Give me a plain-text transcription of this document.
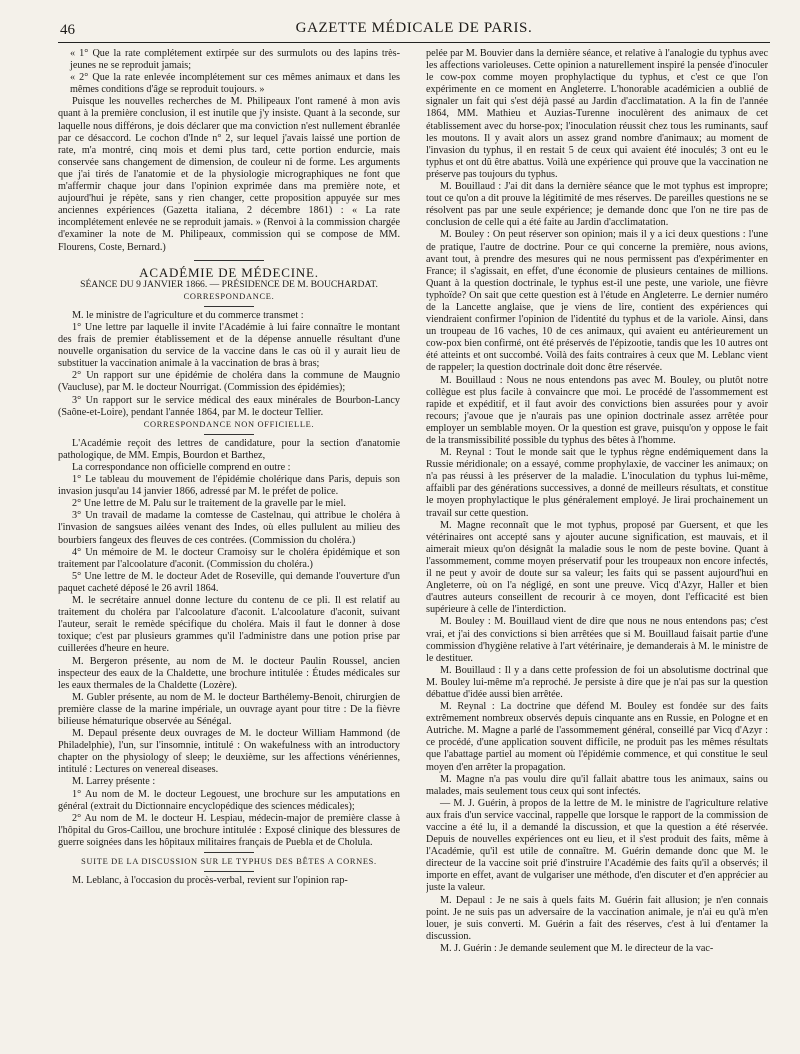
46	GAZETTE MÉDICALE DE PARIS.

« 1° Que la rate complétement extirpée sur des surmulots ou des lapins très-jeunes ne se reproduit jamais;

« 2° Que la rate enlevée incomplétement sur ces mêmes animaux et dans les mêmes conditions d'âge se reproduit toujours. »

Puisque les nouvelles recherches de M. Philipeaux l'ont ramené à mon avis quant à la première conclusion, il est inutile que j'y insiste. Quant à la seconde, sur laquelle nous différons, je dois déclarer que ma conviction n'est nullement ébranlée par ce désaccord. Le cochon d'Inde n° 2, sur lequel j'avais laissé une portion de rate, m'a montré, cinq mois et demi plus tard, cette portion endurcie, mais conservée sans changement de dimension, de couleur ni de forme. Les arguments que j'ai tirés de l'anatomie et de la physiologie micrographiques ne font que m'affermir chaque jour dans l'opinion exprimée dans ma première note, et aujourd'hui je répète, sans y rien changer, cette proposition appuyée sur mes anciennes expériences (Gazetta italiana, 2 décembre 1861) : « La rate incomplétement enlevée ne se reproduit jamais. » (Renvoi à la commission chargée d'examiner la note de M. Philipeaux, commission qui se compose de MM. Flourens, Coste, Bernard.)

ACADÉMIE DE MÉDECINE.

SÉANCE DU 9 JANVIER 1866. — PRÉSIDENCE DE M. BOUCHARDAT.

CORRESPONDANCE.

M. le ministre de l'agriculture et du commerce transmet :

1° Une lettre par laquelle il invite l'Académie à lui faire connaître le montant des frais de premier établissement et de la dépense annuelle résultant d'une nouvelle organisation du service de la vaccine dans le cas où il y aurait lieu de substituer la vaccination animale à la vaccination de bras à bras;

2° Un rapport sur une épidémie de choléra dans la commune de Maugnio (Vaucluse), par M. le docteur Nourrigat. (Commission des épidémies);

3° Un rapport sur le service médical des eaux minérales de Bourbon-Lancy (Saône-et-Loire), pendant l'année 1864, par M. le docteur Tellier.

CORRESPONDANCE NON OFFICIELLE.

L'Académie reçoit des lettres de candidature, pour la section d'anatomie pathologique, de MM. Empis, Bourdon et Barthez,

La correspondance non officielle comprend en outre :

1° Le tableau du mouvement de l'épidémie cholérique dans Paris, depuis son invasion jusqu'au 14 janvier 1866, adressé par M. le préfet de police.

2° Une lettre de M. Palu sur le traitement de la gravelle par le miel.

3° Un travail de madame la comtesse de Castelnau, qui attribue le choléra à l'invasion de sangsues ailées venant des Indes, où elles pullulent au milieu des bourbiers fangeux des fleuves de ces contrées. (Commission du choléra.)

4° Un mémoire de M. le docteur Cramoisy sur le choléra épidémique et son traitement par l'alcoolature d'aconit. (Commission du choléra.)

5° Une lettre de M. le docteur Adet de Roseville, qui demande l'ouverture d'un paquet cacheté déposé le 26 avril 1864.

M. le secrétaire annuel donne lecture du contenu de ce pli. Il est relatif au traitement du choléra par l'alcoolature d'aconit. L'alcoolature d'aconit, suivant l'auteur, serait le remède spécifique du choléra. Mais il faut le donner à dose toxique; c'est par plusieurs grammes qu'il l'administre dans une potion prise par cuillerées d'heure en heure.

M. Bergeron présente, au nom de M. le docteur Paulin Roussel, ancien inspecteur des eaux de la Chaldette, une brochure intitulée : Études médicales sur les eaux thermales de la Chaldette (Lozère).

M. Gubler présente, au nom de M. le docteur Barthélemy-Benoit, chirurgien de première classe de la marine impériale, un ouvrage ayant pour titre : De la fièvre bilieuse hématurique observée au Sénégal.

M. Depaul présente deux ouvrages de M. le docteur William Hammond (de Philadelphie), l'un, sur l'insomnie, intitulé : On wakefulness with an introductory chapter on the physiology of sleep; le deuxième, sur les affections vénériennes, intitulé : Lectures on venereal diseases.

M. Larrey présente :

1° Au nom de M. le docteur Legouest, une brochure sur les amputations en général (extrait du Dictionnaire encyclopédique des sciences médicales);

2° Au nom de M. le docteur H. Lespiau, médecin-major de première classe à l'hôpital du Gros-Caillou, une brochure intitulée : Exposé clinique des blessures de guerre soignées dans les hôpitaux militaires français de Puebla et de Cholula.

SUITE DE LA DISCUSSION SUR LE TYPHUS DES BÊTES A CORNES.

M. Leblanc, à l'occasion du procès-verbal, revient sur l'opinion rap-

pelée par M. Bouvier dans la dernière séance, et relative à l'analogie du typhus avec les affections varioleuses. Cette opinion a naturellement inspiré la pensée d'inoculer le cow-pox comme moyen prophylactique du typhus, et c'est ce que l'on expérimente en ce moment en Angleterre. L'honorable académicien a oublié de signaler un fait qui s'est déjà passé au Jardin d'acclimatation. A la fin de l'année 1864, MM. Mathieu et Auzias-Turenne inoculèrent des animaux de cet établissement avec du horse-pox; l'inoculation réussit chez tous les ruminants, sauf les moutons. Il y avait alors un assez grand nombre d'animaux; au moment de l'invasion du typhus, il en restait 5 de ceux qui avaient été inoculés; 3 ont eu le typhus et ont dû être abattus. Voilà une expérience qui prouve que la vaccination ne préserve pas toujours du typhus.

M. Bouillaud : J'ai dit dans la dernière séance que le mot typhus est impropre; tout ce qu'on a dit prouve la légitimité de mes réserves. De pareilles questions ne se résolvent pas par une seule expérience; je demande donc que l'on ne tire pas de conclusion de celle qui a été faite au Jardin d'acclimatation.

M. Bouley : On peut réserver son opinion; mais il y a ici deux questions : l'une de pratique, l'autre de doctrine. Pour ce qui concerne la première, nous avions, avant tout, à prendre des mesures qui ne nous permissent pas d'expérimenter en France; il s'agissait, en effet, d'une économie de plusieurs centaines de millions. Quant à la question doctrinale, le typhus est-il une peste, une variole, une fièvre typhoïde? On sait que cette question est à l'étude en Angleterre. Le dernier numéro de la Lancette anglaise, que je viens de lire, contient des expériences qui viendraient confirmer l'opinion de l'identité du typhus et de la variole. Ainsi, dans un troupeau de 16 vaches, 10 de ces animaux, qui avaient eu antérieurement un cow-pox bien confirmé, ont été préservés de l'épizootie, tandis que les 10 autres ont été atteints et ont succombé. Voilà des faits contraires à ceux que M. Leblanc vient de rappeler; la question doctrinale doit donc être réservée.

M. Bouillaud : Nous ne nous entendons pas avec M. Bouley, ou plutôt notre collègue est plus facile à convaincre que moi. Le procédé de l'assommement est rapide et expéditif, et il faut avoir des convictions bien assurées pour y avoir recours; j'avoue que je n'aurais pas une opinion doctrinale assez arrêtée pour employer un semblable moyen. Or la question est grave, puisqu'on y oppose le fait de la transmissibilité possible du typhus des bêtes à l'homme.

M. Reynal : Tout le monde sait que le typhus règne endémiquement dans la Russie méridionale; on a essayé, comme prophylaxie, de vacciner les animaux; on n'a pas réussi à les préserver de la maladie. L'inoculation du typhus lui-même, affaibli par des générations successives, a donné de meilleurs résultats, et constitue le moyen prophylactique le plus généralement employé. Je lirai prochainement un travail sur cette question.

M. Magne reconnaît que le mot typhus, proposé par Guersent, et que les vétérinaires ont accepté sans y ajouter aucune signification, est mauvais, et il aimerait mieux qu'on désignât la maladie sous le nom de peste bovine. Quant à l'assommement, comme moyen préservatif pour les troupeaux non encore infectés, il ne peut y avoir de doute sur sa valeur; les faits qui se passent aujourd'hui en Angleterre, où on l'a négligé, en sont une preuve. Vicq d'Azyr, Haller et bien d'autres auteurs conseillent de recourir à ce moyen, dont l'efficacité est bien supérieure à celle de l'interdiction.

M. Bouley : M. Bouillaud vient de dire que nous ne nous entendons pas; c'est vrai, et j'ai des convictions si bien arrêtées que si M. Bouillaud faisait partie d'une commission d'hygiène relative à l'art vétérinaire, je demanderais à M. le ministre de le destituer.

M. Bouillaud : Il y a dans cette profession de foi un absolutisme doctrinal que M. Bouley lui-même m'a reproché. Je persiste à dire que je n'ai pas sur la question débattue d'idée aussi bien arrêtée.

M. Reynal : La doctrine que défend M. Bouley est fondée sur des faits extrêmement nombreux observés depuis cinquante ans en Russie, en Pologne et en Autriche. M. Magne a parlé de l'assommement général, conseillé par Vicq d'Azyr : ce procédé, d'une application souvent difficile, ne produit pas les mêmes résultats que l'abattage partiel au moment où l'épidémie commence, et qui constitue le seul moyen d'en arrêter la propagation.

M. Magne n'a pas voulu dire qu'il fallait abattre tous les animaux, sains ou malades, mais seulement tous ceux qui sont infectés.

— M. J. Guérin, à propos de la lettre de M. le ministre de l'agriculture relative aux frais d'un service vaccinal, rappelle que lorsque le rapport de la commission de vaccine a été lu, il a demandé la discussion, et que la question a été réservée. Depuis de nouvelles expériences ont eu lieu, et il s'est produit des faits, même à l'Académie, qu'il est utile de connaître. M. Guérin demande donc que M. le directeur de la vaccine soit prié d'instruire l'Académie des faits qu'il a observés; il importe en effet, avant de vulgariser une méthode, d'en discuter et d'en apprécier au juste la valeur.

M. Depaul : Je ne sais à quels faits M. Guérin fait allusion; je n'en connais point. Je ne suis pas un adversaire de la vaccination animale, je n'ai eu qu'à m'en louer, je suis converti. M. Guérin a fait des réserves, c'est à lui d'entamer la discussion.

M. J. Guérin : Je demande seulement que M. le directeur de la vac-
